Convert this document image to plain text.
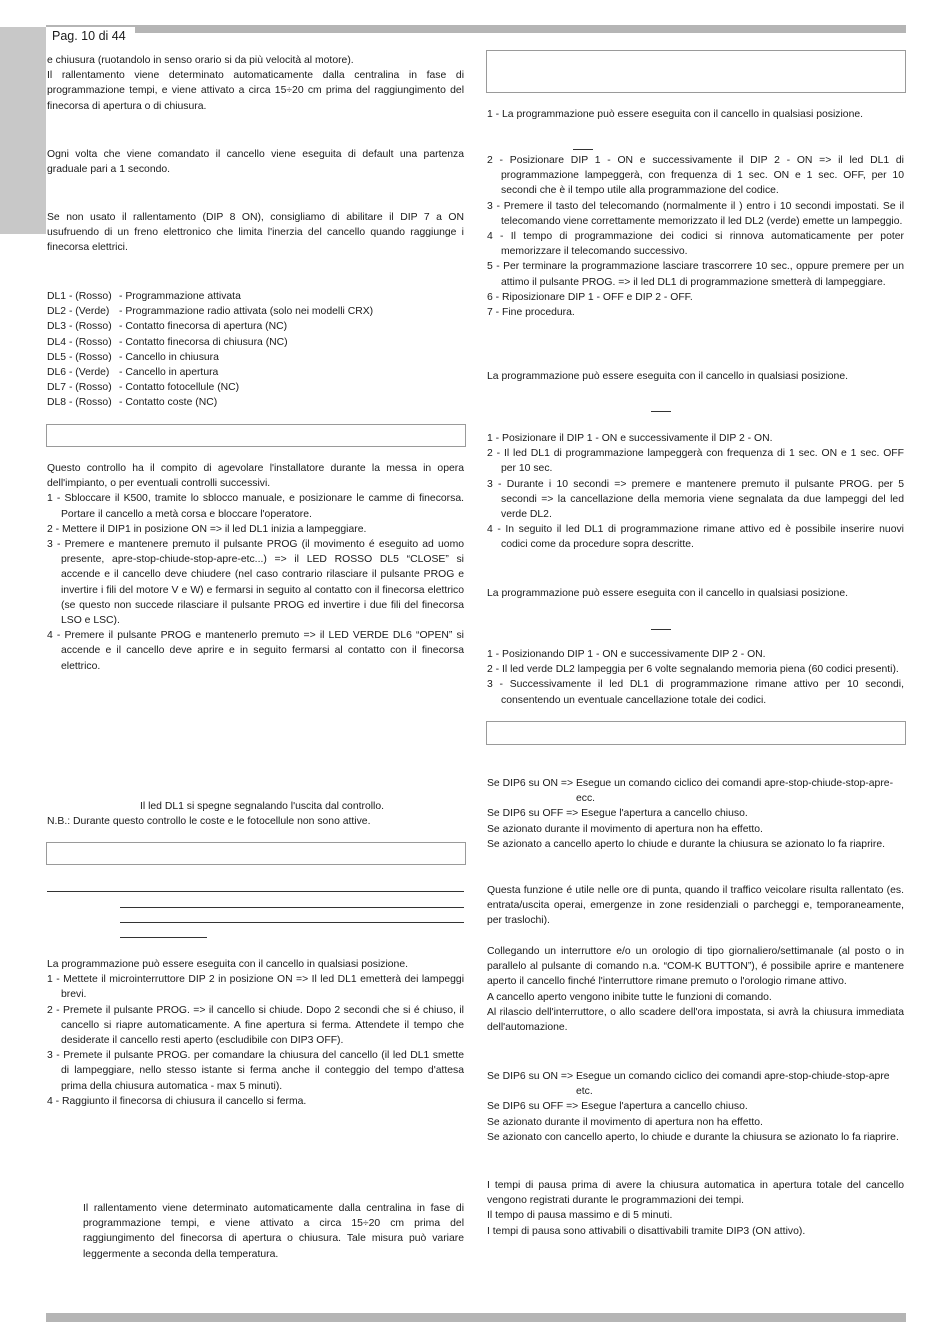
Pag. 10 di 44

e chiusura (ruotandolo in senso orario si da più velocità al motore).

Il rallentamento viene determinato automaticamente dalla centralina in fase di programmazione tempi, e viene attivato a circa 15÷20 cm prima del raggiungimento del finecorsa di apertura o di chiusura.

Ogni volta che viene comandato il cancello viene eseguita di default una partenza graduale pari a 1 secondo.

Se non usato il rallentamento (DIP 8 ON), consigliamo di abilitare il DIP 7 a ON usufruendo di un freno elettronico che limita l'inerzia del cancello quando raggiunge i finecorsa elettrici.

DL1 - (Rosso) - Programmazione attivata
DL2 - (Verde) - Programmazione radio attivata (solo nei modelli CRX)
DL3 - (Rosso) - Contatto finecorsa di apertura (NC)
DL4 - (Rosso) - Contatto finecorsa di chiusura (NC)
DL5 - (Rosso) - Cancello in chiusura
DL6 - (Verde) - Cancello in apertura
DL7 - (Rosso) - Contatto fotocellule (NC)
DL8 - (Rosso) - Contatto coste (NC)

Questo controllo ha il compito di agevolare l'installatore durante la messa in opera dell'impianto, o per eventuali controlli successivi.

1 - Sbloccare il K500, tramite lo sblocco manuale, e posizionare le camme di finecorsa. Portare il cancello a metà corsa e bloccare l'operatore.

2 - Mettere il DIP1 in posizione ON => il led DL1 inizia a lampeggiare.

3 - Premere e mantenere premuto il pulsante PROG (il movimento é eseguito ad uomo presente, apre-stop-chiude-stop-apre-etc...) => il LED ROSSO DL5 “CLOSE” si accende e il cancello deve chiudere (nel caso contrario rilasciare il pulsante PROG e invertire i fili del motore V e W) e fermarsi in seguito al contatto con il finecorsa elettrico (se questo non succede rilasciare il pulsante PROG ed invertire i due fili del finecorsa LSO e LSC).

4 - Premere il pulsante PROG e mantenerlo premuto => il LED VERDE DL6 “OPEN” si accende e il cancello deve aprire e in seguito fermarsi al contatto con il finecorsa elettrico.

Il led DL1 si spegne segnalando l'uscita dal controllo.

N.B.: Durante questo controllo le coste e le fotocellule non sono attive.

La programmazione può essere eseguita con il cancello in qualsiasi posizione.

1 - Mettete il microinterruttore DIP 2 in posizione ON => Il led DL1 emetterà dei lampeggi brevi.

2 - Premete il pulsante PROG. => il cancello si chiude. Dopo 2 secondi che si é chiuso, il cancello si riapre automaticamente. A fine apertura si ferma. Attendete il tempo che desiderate il cancello resti aperto (escludibile con DIP3 OFF).

3 - Premete il pulsante PROG. per comandare la chiusura del cancello (il led DL1 smette di lampeggiare, nello stesso istante si ferma anche il conteggio del tempo d'attesa prima della chiusura automatica - max 5 minuti).

4 - Raggiunto il finecorsa di chiusura il cancello si ferma.

Il rallentamento viene determinato automaticamente dalla centralina in fase di programmazione tempi, e viene attivato a circa 15÷20 cm prima del raggiungimento del finecorsa di apertura o chiusura. Tale misura può variare leggermente a seconda della temperatura.

1 - La programmazione può essere eseguita con il cancello in qualsiasi posizione.

2 - Posizionare DIP 1 - ON e successivamente il DIP 2 - ON => il led DL1 di programmazione lampeggerà, con frequenza di 1 sec. ON e 1 sec. OFF, per 10 secondi che è il tempo utile alla programmazione del codice.

3 - Premere il tasto del telecomando (normalmente il ) entro i 10 secondi impostati. Se il telecomando viene correttamente memorizzato il led DL2 (verde) emette un lampeggio.

4 - Il tempo di programmazione dei codici si rinnova automaticamente per poter memorizzare il telecomando successivo.

5 - Per terminare la programmazione lasciare trascorrere 10 sec., oppure premere per un attimo il pulsante PROG. => il led DL1 di programmazione smetterà di lampeggiare.

6 - Riposizionare DIP 1 - OFF e DIP 2 - OFF.

7 - Fine procedura.

La programmazione può essere eseguita con il cancello in qualsiasi posizione.

1 - Posizionare il DIP 1 - ON e successivamente il DIP 2 - ON.

2 - Il led DL1 di programmazione lampeggerà con frequenza di 1 sec. ON e 1 sec. OFF per 10 sec.

3 - Durante i 10 secondi => premere e mantenere premuto il pulsante PROG. per 5 secondi => la cancellazione della memoria viene segnalata da due lampeggi del led verde DL2.

4 - In seguito il led DL1 di programmazione rimane attivo ed è possibile inserire nuovi codici come da procedure sopra descritte.

La programmazione può essere eseguita con il cancello in qualsiasi posizione.

1 - Posizionando DIP 1 - ON e successivamente DIP 2 - ON.

2 - Il led verde DL2 lampeggia per 6 volte segnalando memoria piena (60 codici presenti).

3 - Successivamente il led DL1 di programmazione rimane attivo per 10 secondi, consentendo un eventuale cancellazione totale dei codici.

Se DIP6 su ON => Esegue un comando ciclico dei comandi apre-stop-chiude-stop-apre-

ecc.

Se DIP6 su OFF => Esegue l'apertura a cancello chiuso.

Se azionato durante il movimento di apertura non ha effetto.

Se azionato a cancello aperto lo chiude e durante la chiusura se azionato lo fa riaprire.

Questa funzione é utile nelle ore di punta, quando il traffico veicolare risulta rallentato (es. entrata/uscita operai, emergenze in zone residenziali o parcheggi e, temporaneamente, per traslochi).

Collegando un interruttore e/o un orologio di tipo giornaliero/settimanale (al posto o in parallelo al pulsante di comando n.a. “COM-K BUTTON”), é possibile aprire e mantenere aperto il cancello finché l'interruttore rimane premuto o l'orologio rimane attivo.

A cancello aperto vengono inibite tutte le funzioni di comando.

Al rilascio dell'interruttore, o allo scadere dell'ora impostata, si avrà la chiusura immediata dell'automazione.

Se DIP6 su ON => Esegue un comando ciclico dei comandi apre-stop-chiude-stop-apre

etc.

Se DIP6 su OFF => Esegue l'apertura a cancello chiuso.

Se azionato durante il movimento di apertura non ha effetto.

Se azionato con cancello aperto, lo chiude e durante la chiusura se azionato lo fa riaprire.

I tempi di pausa prima di avere la chiusura automatica in apertura totale del cancello vengono registrati durante le programmazioni dei tempi.

Il tempo di pausa massimo e di 5 minuti.

I tempi di pausa sono attivabili o disattivabili tramite DIP3 (ON attivo).
